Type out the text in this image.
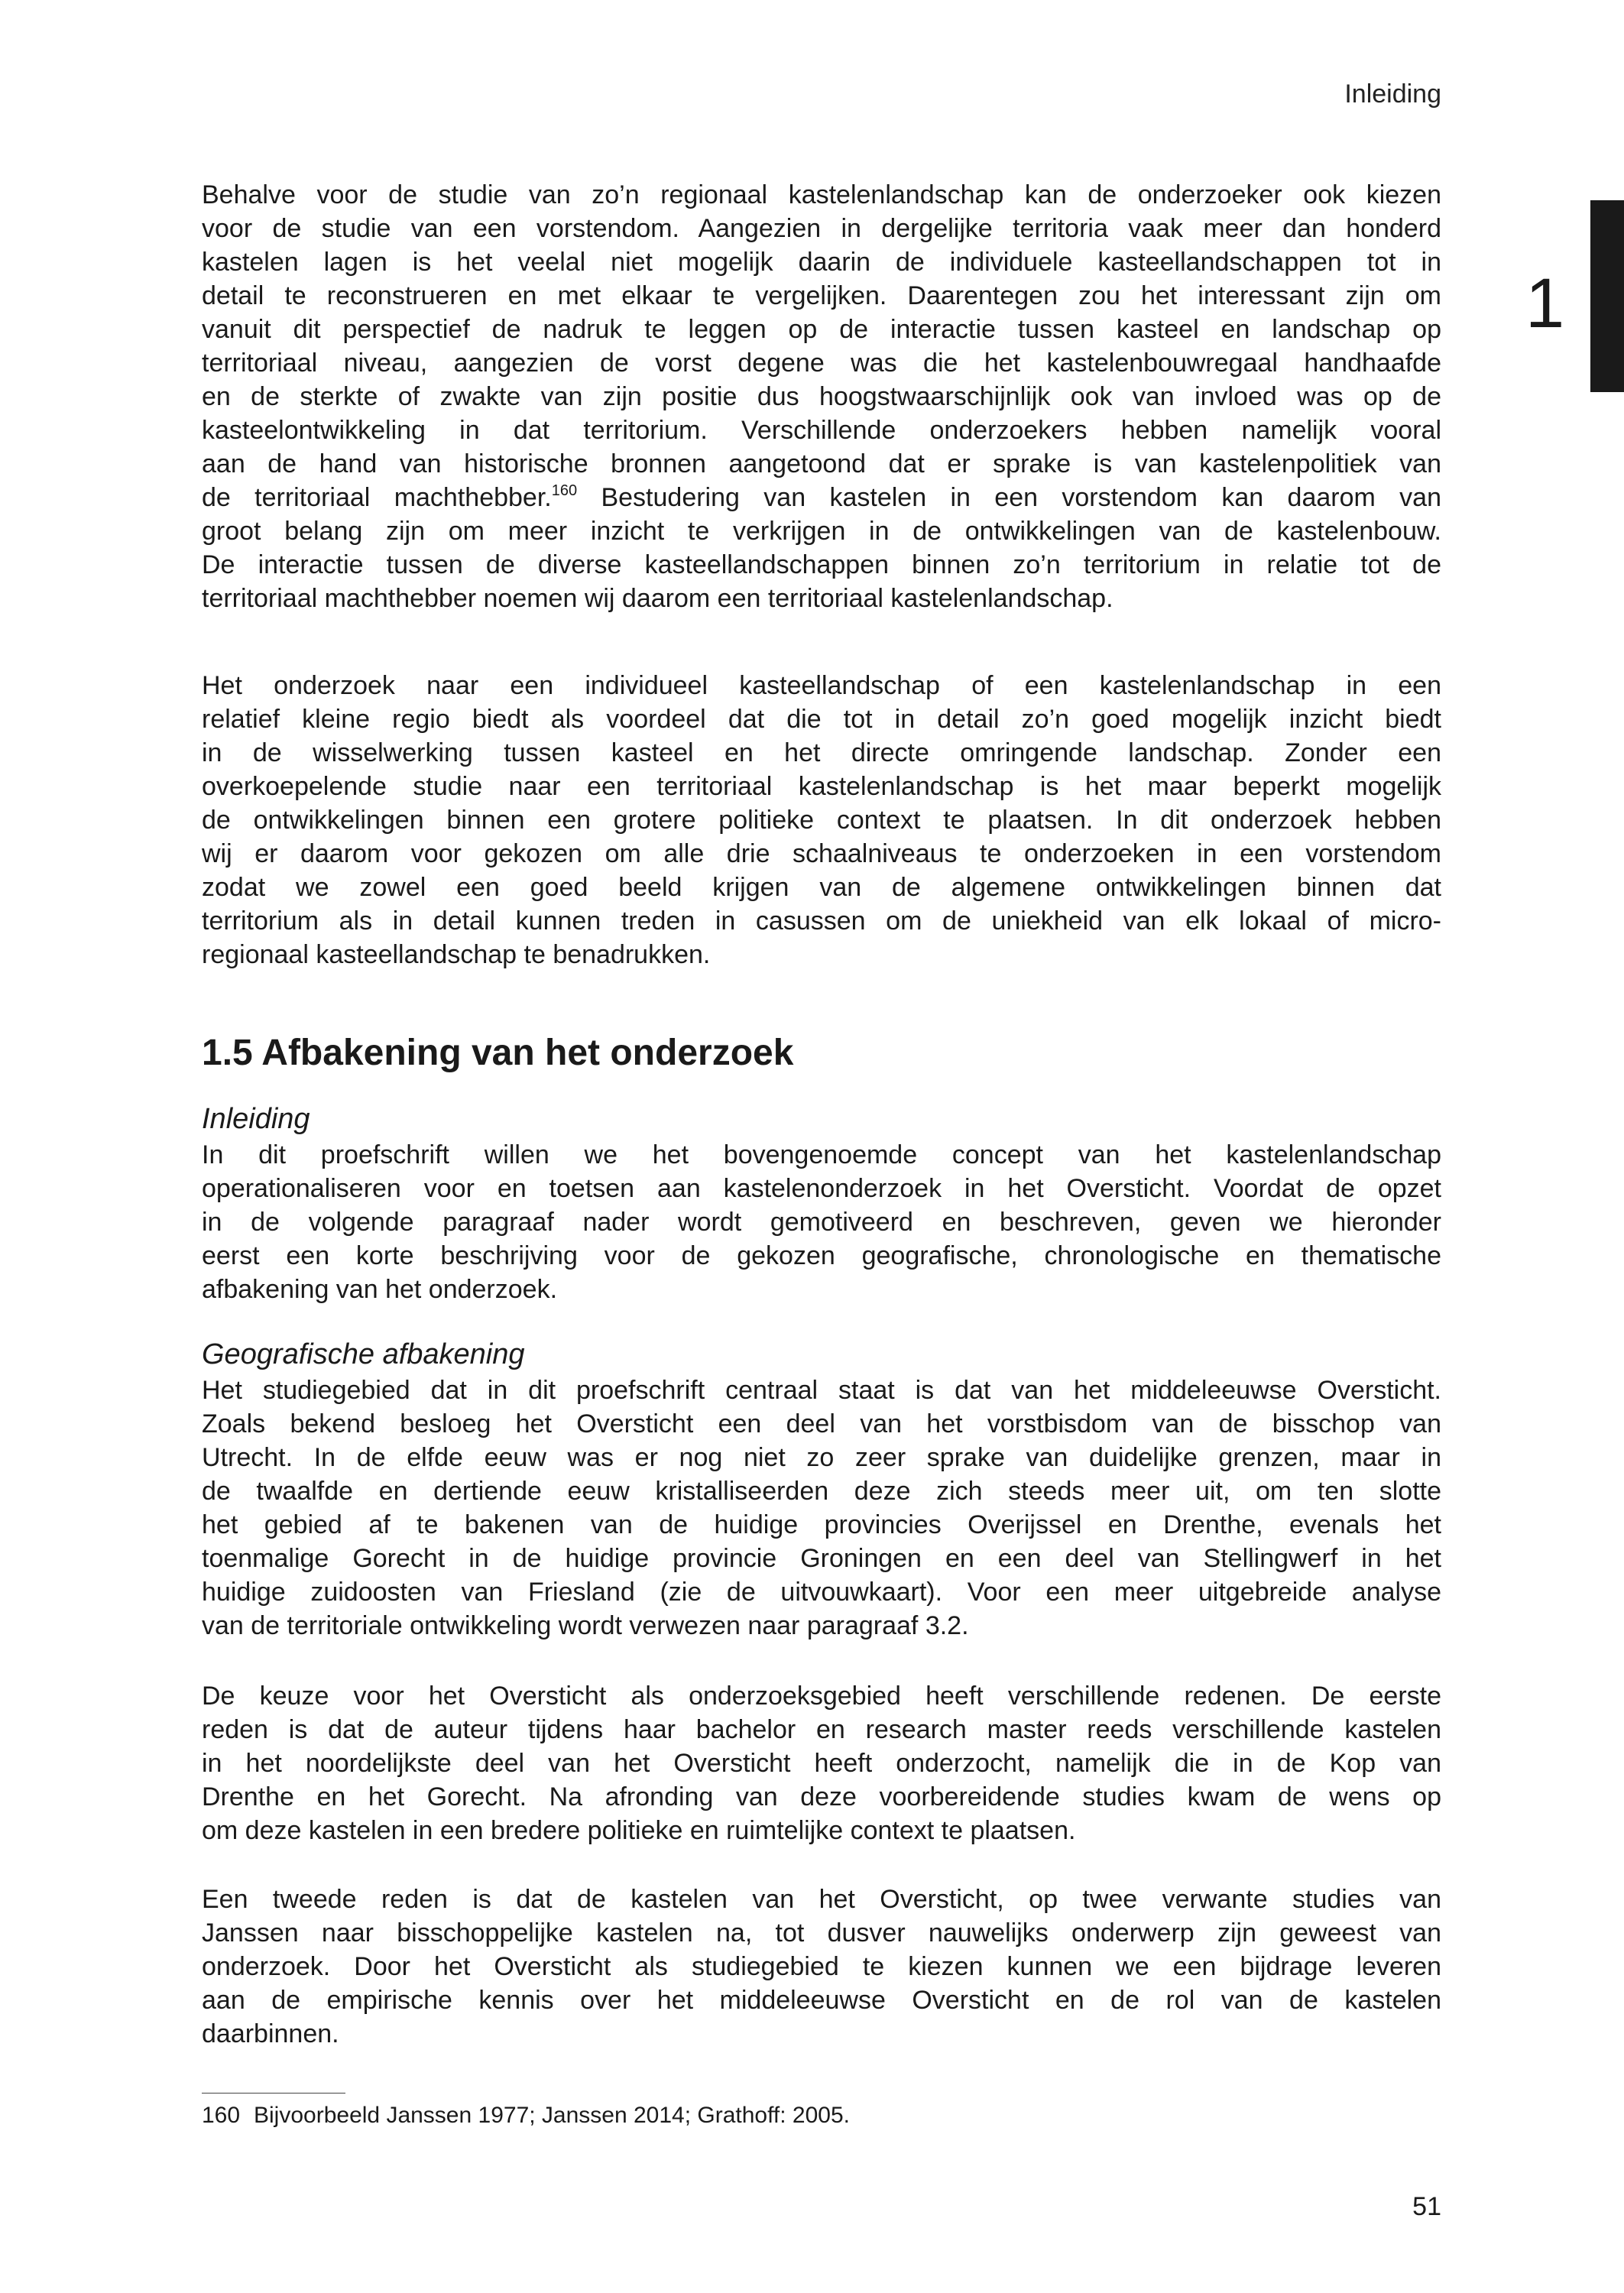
Inleiding
1
Behalve voor de studie van zo’n regionaal kastelenlandschap kan de onderzoeker ook kiezen
voor de studie van een vorstendom. Aangezien in dergelijke territoria vaak meer dan honderd
kastelen lagen is het veelal niet mogelijk daarin de individuele kasteellandschappen tot in
detail te reconstrueren en met elkaar te vergelijken. Daarentegen zou het interessant zijn om
vanuit dit perspectief de nadruk te leggen op de interactie tussen kasteel en landschap op
territoriaal niveau, aangezien de vorst degene was die het kastelenbouwregaal handhaafde
en de sterkte of zwakte van zijn positie dus hoogstwaarschijnlijk ook van invloed was op de
kasteelontwikkeling in dat territorium. Verschillende onderzoekers hebben namelijk vooral
aan de hand van historische bronnen aangetoond dat er sprake is van kastelenpolitiek van
de territoriaal machthebber.$^{160}$ Bestudering van kastelen in een vorstendom kan daarom van
groot belang zijn om meer inzicht te verkrijgen in de ontwikkelingen van de kastelenbouw.
De interactie tussen de diverse kasteellandschappen binnen zo’n territorium in relatie tot de
territoriaal machthebber noemen wij daarom een territoriaal kastelenlandschap.
Het onderzoek naar een individueel kasteellandschap of een kastelenlandschap in een
relatief kleine regio biedt als voordeel dat die tot in detail zo’n goed mogelijk inzicht biedt
in de wisselwerking tussen kasteel en het directe omringende landschap. Zonder een
overkoepelende studie naar een territoriaal kastelenlandschap is het maar beperkt mogelijk
de ontwikkelingen binnen een grotere politieke context te plaatsen. In dit onderzoek hebben
wij er daarom voor gekozen om alle drie schaalniveaus te onderzoeken in een vorstendom
zodat we zowel een goed beeld krijgen van de algemene ontwikkelingen binnen dat
territorium als in detail kunnen treden in casussen om de uniekheid van elk lokaal of micro-
regionaal kasteellandschap te benadrukken.
1.5 Afbakening van het onderzoek
Inleiding
In dit proefschrift willen we het bovengenoemde concept van het kastelenlandschap
operationaliseren voor en toetsen aan kastelenonderzoek in het Oversticht. Voordat de opzet
in de volgende paragraaf nader wordt gemotiveerd en beschreven, geven we hieronder
eerst een korte beschrijving voor de gekozen geografische, chronologische en thematische
afbakening van het onderzoek.
Geografische afbakening
Het studiegebied dat in dit proefschrift centraal staat is dat van het middeleeuwse Oversticht.
Zoals bekend besloeg het Oversticht een deel van het vorstbisdom van de bisschop van
Utrecht. In de elfde eeuw was er nog niet zo zeer sprake van duidelijke grenzen, maar in
de twaalfde en dertiende eeuw kristalliseerden deze zich steeds meer uit, om ten slotte
het gebied af te bakenen van de huidige provincies Overijssel en Drenthe, evenals het
toenmalige Gorecht in de huidige provincie Groningen en een deel van Stellingwerf in het
huidige zuidoosten van Friesland (zie de uitvouwkaart). Voor een meer uitgebreide analyse
van de territoriale ontwikkeling wordt verwezen naar paragraaf 3.2.
De keuze voor het Oversticht als onderzoeksgebied heeft verschillende redenen. De eerste
reden is dat de auteur tijdens haar bachelor en research master reeds verschillende kastelen
in het noordelijkste deel van het Oversticht heeft onderzocht, namelijk die in de Kop van
Drenthe en het Gorecht. Na afronding van deze voorbereidende studies kwam de wens op
om deze kastelen in een bredere politieke en ruimtelijke context te plaatsen.
Een tweede reden is dat de kastelen van het Oversticht, op twee verwante studies van
Janssen naar bisschoppelijke kastelen na, tot dusver nauwelijks onderwerp zijn geweest van
onderzoek. Door het Oversticht als studiegebied te kiezen kunnen we een bijdrage leveren
aan de empirische kennis over het middeleeuwse Oversticht en de rol van de kastelen
daarbinnen.
160 Bijvoorbeeld Janssen 1977; Janssen 2014; Grathoff: 2005.
51
